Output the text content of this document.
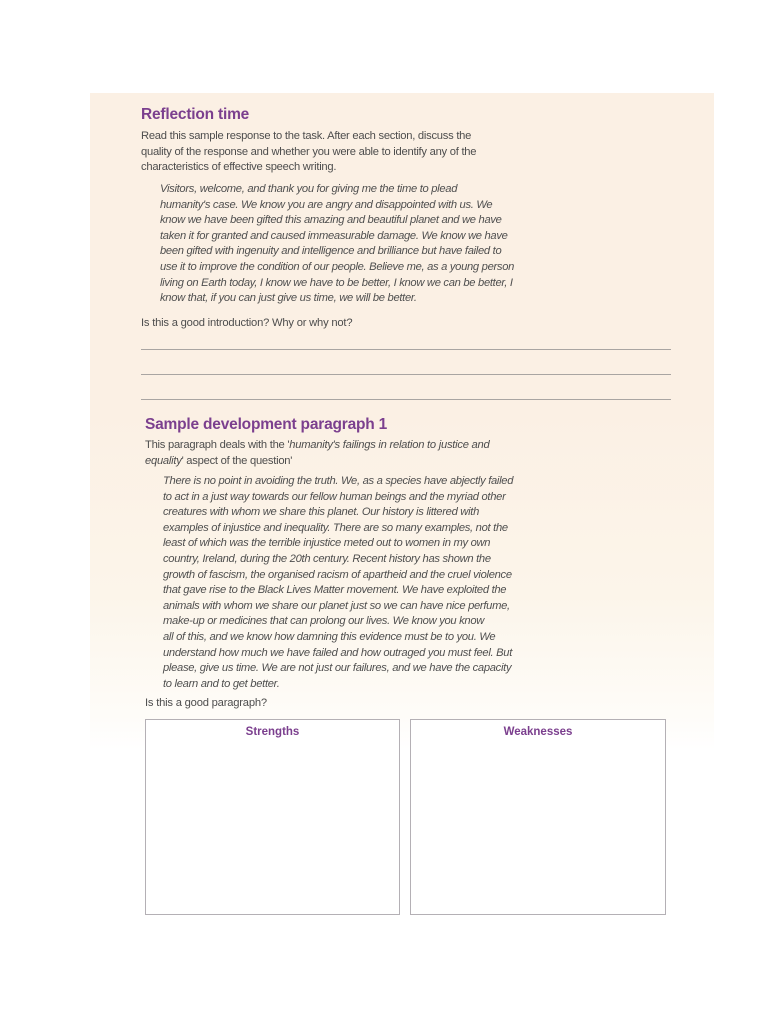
Reflection time

Read this sample response to the task. After each section, discuss the
quality of the response and whether you were able to identify any of the
characteristics of effective speech writing.

Visitors, welcome, and thank you for giving me the time to plead
humanity's case. We know you are angry and disappointed with us. We
know we have been gifted this amazing and beautiful planet and we have
taken it for granted and caused immeasurable damage. We know we have
been gifted with ingenuity and intelligence and brilliance but have failed to
use it to improve the condition of our people. Believe me, as a young person
living on Earth today, I know we have to be better, I know we can be better, I
know that, if you can just give us time, we will be better.

Is this a good introduction? Why or why not?

Sample development paragraph 1

This paragraph deals with the 'humanity's failings in relation to justice and
equality' aspect of the question'

There is no point in avoiding the truth. We, as a species have abjectly failed
to act in a just way towards our fellow human beings and the myriad other
creatures with whom we share this planet. Our history is littered with
examples of injustice and inequality. There are so many examples, not the
least of which was the terrible injustice meted out to women in my own
country, Ireland, during the 20th century. Recent history has shown the
growth of fascism, the organised racism of apartheid and the cruel violence
that gave rise to the Black Lives Matter movement. We have exploited the
animals with whom we share our planet just so we can have nice perfume,
make-up or medicines that can prolong our lives. We know you know
all of this, and we know how damning this evidence must be to you. We
understand how much we have failed and how outraged you must feel. But
please, give us time. We are not just our failures, and we have the capacity
to learn and to get better.

Is this a good paragraph?

Strengths	Weaknesses
